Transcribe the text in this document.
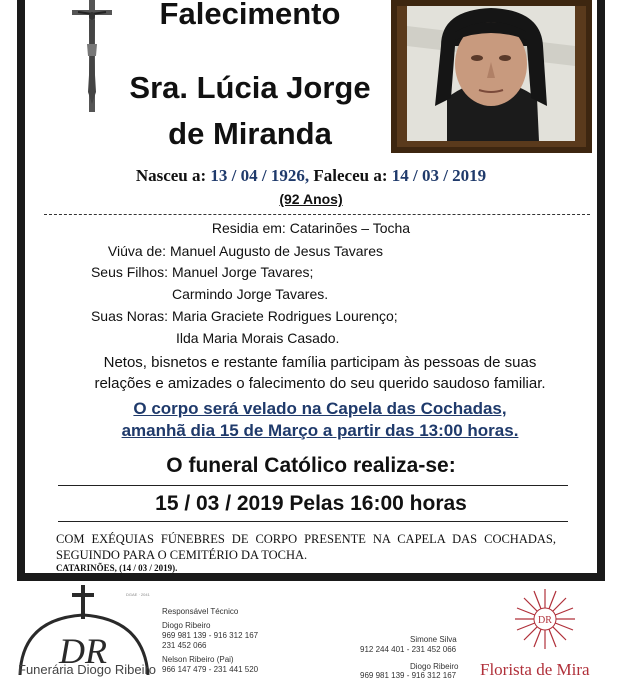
Falecimento
Sra. Lúcia Jorge
de Miranda
Nasceu a: 13 / 04 / 1926, Faleceu a: 14 / 03 / 2019
(92 Anos)
Residia em: Catarinões – Tocha
Viúva de: Manuel Augusto de Jesus Tavares
Seus Filhos: Manuel Jorge Tavares;
Carmindo Jorge Tavares.
Suas Noras: Maria Graciete Rodrigues Lourenço;
Ilda Maria Morais Casado.
Netos, bisnetos e restante família participam às pessoas de suas
relações e amizades o falecimento do seu querido saudoso familiar.
O corpo será velado na Capela das Cochadas,
amanhã dia 15 de Março a partir das 13:00 horas.
O funeral Católico realiza-se:
15 / 03 / 2019 Pelas 16:00 horas
COM EXÉQUIAS FÚNEBRES DE CORPO PRESENTE NA CAPELA DAS COCHADAS, SEGUINDO PARA O CEMITÉRIO DA TOCHA.
CATARINÕES, (14 / 03 / 2019).
DR
Funerária Diogo Ribeiro
DGAE · 2041
Responsável Técnico
Diogo Ribeiro
969 981 139 - 916 312 167
231 452 066
Nelson Ribeiro (Pai)
966 147 479 - 231 441 520
Simone Silva
912 244 401 - 231 452 066
Diogo Ribeiro
969 981 139 - 916 312 167
DR
Florista de Mira
